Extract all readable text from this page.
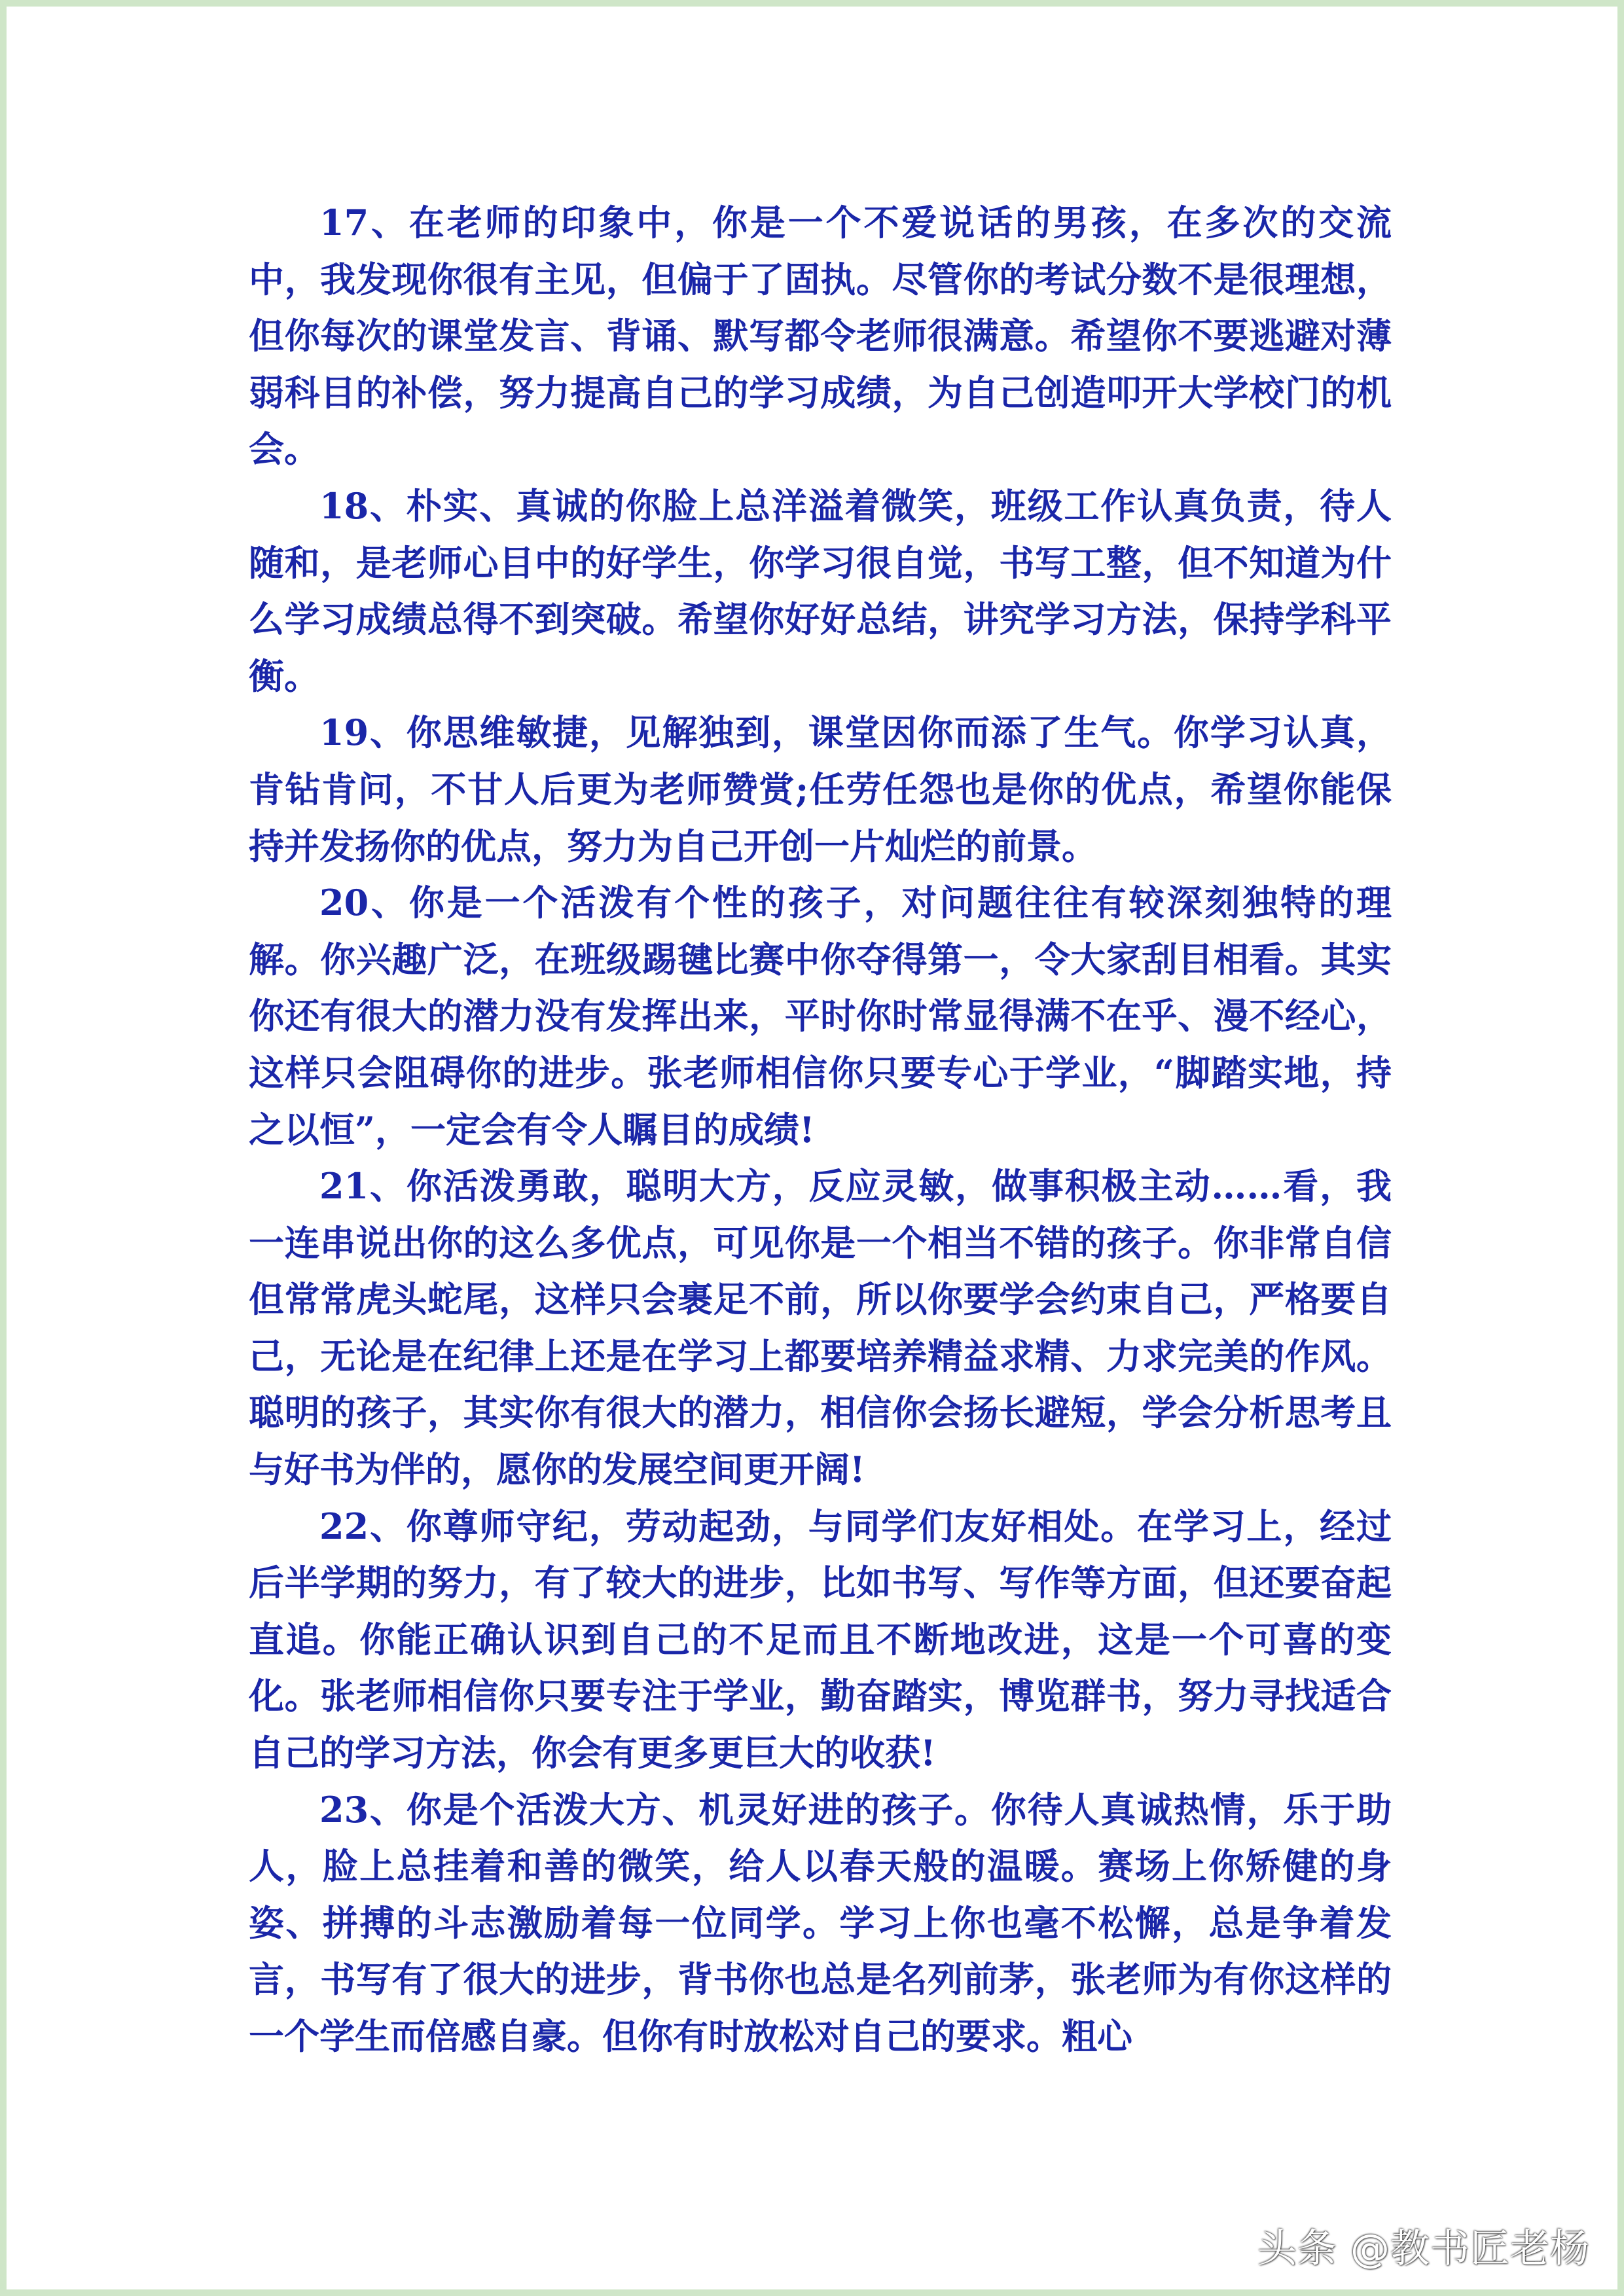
17、在老师的印象中，你是一个不爱说话的男孩，在多次的交流中，我发现你很有主见，但偏于了固执。尽管你的考试分数不是很理想，但你每次的课堂发言、背诵、默写都令老师很满意。希望你不要逃避对薄弱科目的补偿，努力提高自己的学习成绩，为自己创造叩开大学校门的机会。

18、朴实、真诚的你脸上总洋溢着微笑，班级工作认真负责，待人随和，是老师心目中的好学生，你学习很自觉，书写工整，但不知道为什么学习成绩总得不到突破。希望你好好总结，讲究学习方法，保持学科平衡。

19、你思维敏捷，见解独到，课堂因你而添了生气。你学习认真，肯钻肯问，不甘人后更为老师赞赏;任劳任怨也是你的优点，希望你能保持并发扬你的优点，努力为自己开创一片灿烂的前景。

20、你是一个活泼有个性的孩子，对问题往往有较深刻独特的理解。你兴趣广泛，在班级踢毽比赛中你夺得第一，令大家刮目相看。其实你还有很大的潜力没有发挥出来，平时你时常显得满不在乎、漫不经心，这样只会阻碍你的进步。张老师相信你只要专心于学业，“脚踏实地，持之以恒”，一定会有令人瞩目的成绩!

21、你活泼勇敢，聪明大方，反应灵敏，做事积极主动……看，我一连串说出你的这么多优点，可见你是一个相当不错的孩子。你非常自信但常常虎头蛇尾，这样只会裹足不前，所以你要学会约束自己，严格要自己，无论是在纪律上还是在学习上都要培养精益求精、力求完美的作风。聪明的孩子，其实你有很大的潜力，相信你会扬长避短，学会分析思考且与好书为伴的，愿你的发展空间更开阔!

22、你尊师守纪，劳动起劲，与同学们友好相处。在学习上，经过后半学期的努力，有了较大的进步，比如书写、写作等方面，但还要奋起直追。你能正确认识到自己的不足而且不断地改进，这是一个可喜的变化。张老师相信你只要专注于学业，勤奋踏实，博览群书，努力寻找适合自己的学习方法，你会有更多更巨大的收获!

23、你是个活泼大方、机灵好进的孩子。你待人真诚热情，乐于助人，脸上总挂着和善的微笑，给人以春天般的温暖。赛场上你矫健的身姿、拼搏的斗志激励着每一位同学。学习上你也毫不松懈，总是争着发言，书写有了很大的进步，背书你也总是名列前茅，张老师为有你这样的一个学生而倍感自豪。但你有时放松对自己的要求。粗心

头条 @教书匠老杨
